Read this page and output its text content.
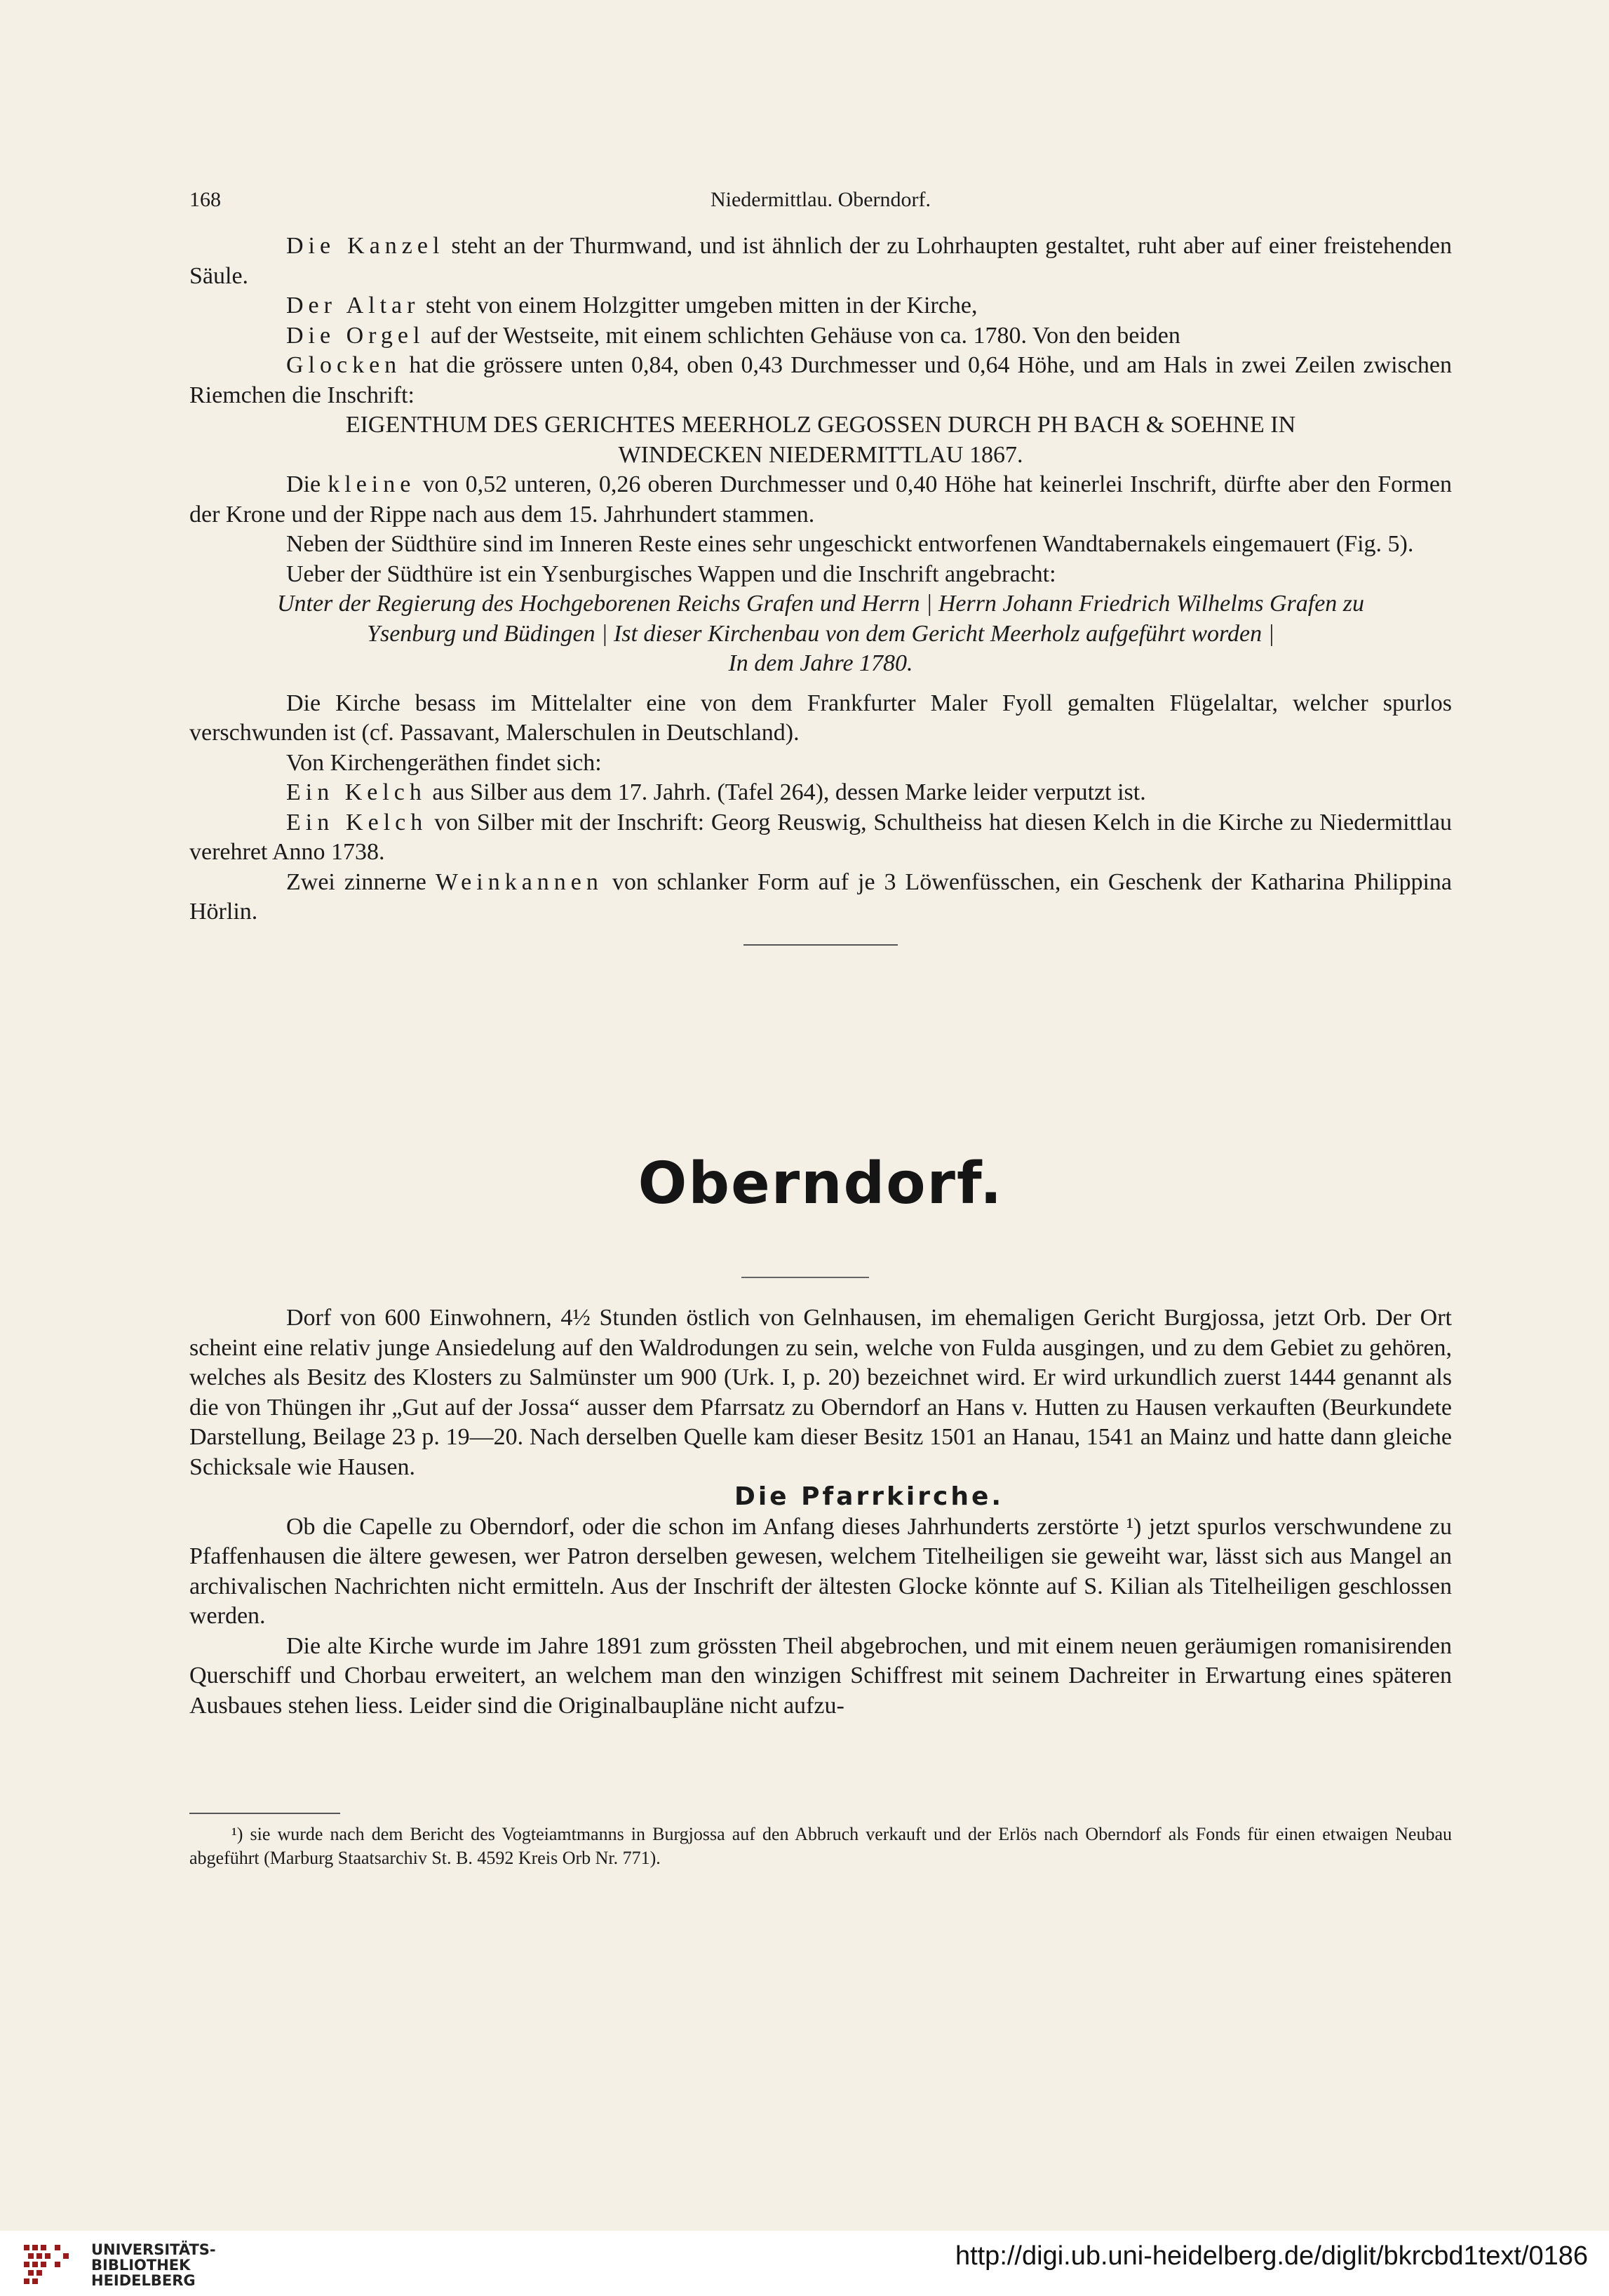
168	Niedermittlau. Oberndorf.

Die Kanzel steht an der Thurmwand, und ist ähnlich der zu Lohrhaupten gestaltet, ruht aber auf einer freistehenden Säule.

Der Altar steht von einem Holzgitter umgeben mitten in der Kirche,

Die Orgel auf der Westseite, mit einem schlichten Gehäuse von ca. 1780. Von den beiden

Glocken hat die grössere unten 0,84, oben 0,43 Durchmesser und 0,64 Höhe, und am Hals in zwei Zeilen zwischen Riemchen die Inschrift:

EIGENTHUM DES GERICHTES MEERHOLZ GEGOSSEN DURCH PH BACH & SOEHNE IN

WINDECKEN NIEDERMITTLAU 1867.

Die kleine von 0,52 unteren, 0,26 oberen Durchmesser und 0,40 Höhe hat keinerlei Inschrift, dürfte aber den Formen der Krone und der Rippe nach aus dem 15. Jahrhundert stammen.

Neben der Südthüre sind im Inneren Reste eines sehr ungeschickt entworfenen Wandtabernakels eingemauert (Fig. 5).

Ueber der Südthüre ist ein Ysenburgisches Wappen und die Inschrift angebracht:

Unter der Regierung des Hochgeborenen Reichs Grafen und Herrn | Herrn Johann Friedrich Wilhelms Grafen zu

Ysenburg und Büdingen | Ist dieser Kirchenbau von dem Gericht Meerholz aufgeführt worden |

In dem Jahre 1780.

Die Kirche besass im Mittelalter eine von dem Frankfurter Maler Fyoll gemalten Flügelaltar, welcher spurlos verschwunden ist (cf. Passavant, Malerschulen in Deutschland).

Von Kirchengeräthen findet sich:

Ein Kelch aus Silber aus dem 17. Jahrh. (Tafel 264), dessen Marke leider verputzt ist.

Ein Kelch von Silber mit der Inschrift: Georg Reuswig, Schultheiss hat diesen Kelch in die Kirche zu Niedermittlau verehret Anno 1738.

Zwei zinnerne Weinkannen von schlanker Form auf je 3 Löwenfüsschen, ein Geschenk der Katharina Philippina Hörlin.

Oberndorf.

Dorf von 600 Einwohnern, 4½ Stunden östlich von Gelnhausen, im ehemaligen Gericht Burgjossa, jetzt Orb. Der Ort scheint eine relativ junge Ansiedelung auf den Waldrodungen zu sein, welche von Fulda ausgingen, und zu dem Gebiet zu gehören, welches als Besitz des Klosters zu Salmünster um 900 (Urk. I, p. 20) bezeichnet wird. Er wird urkundlich zuerst 1444 genannt als die von Thüngen ihr „Gut auf der Jossa“ ausser dem Pfarrsatz zu Oberndorf an Hans v. Hutten zu Hausen verkauften (Beurkundete Darstellung, Beilage 23 p. 19—20. Nach derselben Quelle kam dieser Besitz 1501 an Hanau, 1541 an Mainz und hatte dann gleiche Schicksale wie Hausen.

Die Pfarrkirche.

Ob die Capelle zu Oberndorf, oder die schon im Anfang dieses Jahrhunderts zerstörte ¹) jetzt spurlos verschwundene zu Pfaffenhausen die ältere gewesen, wer Patron derselben gewesen, welchem Titelheiligen sie geweiht war, lässt sich aus Mangel an archivalischen Nachrichten nicht ermitteln. Aus der Inschrift der ältesten Glocke könnte auf S. Kilian als Titelheiligen geschlossen werden.

Die alte Kirche wurde im Jahre 1891 zum grössten Theil abgebrochen, und mit einem neuen geräumigen romanisirenden Querschiff und Chorbau erweitert, an welchem man den winzigen Schiffrest mit seinem Dachreiter in Erwartung eines späteren Ausbaues stehen liess. Leider sind die Originalbaupläne nicht aufzu-

¹) sie wurde nach dem Bericht des Vogteiamtmanns in Burgjossa auf den Abbruch verkauft und der Erlös nach Oberndorf als Fonds für einen etwaigen Neubau abgeführt (Marburg Staatsarchiv St. B. 4592 Kreis Orb Nr. 771).

UNIVERSITÄTS-
BIBLIOTHEK
HEIDELBERG
http://digi.ub.uni-heidelberg.de/diglit/bkrcbd1text/0186
